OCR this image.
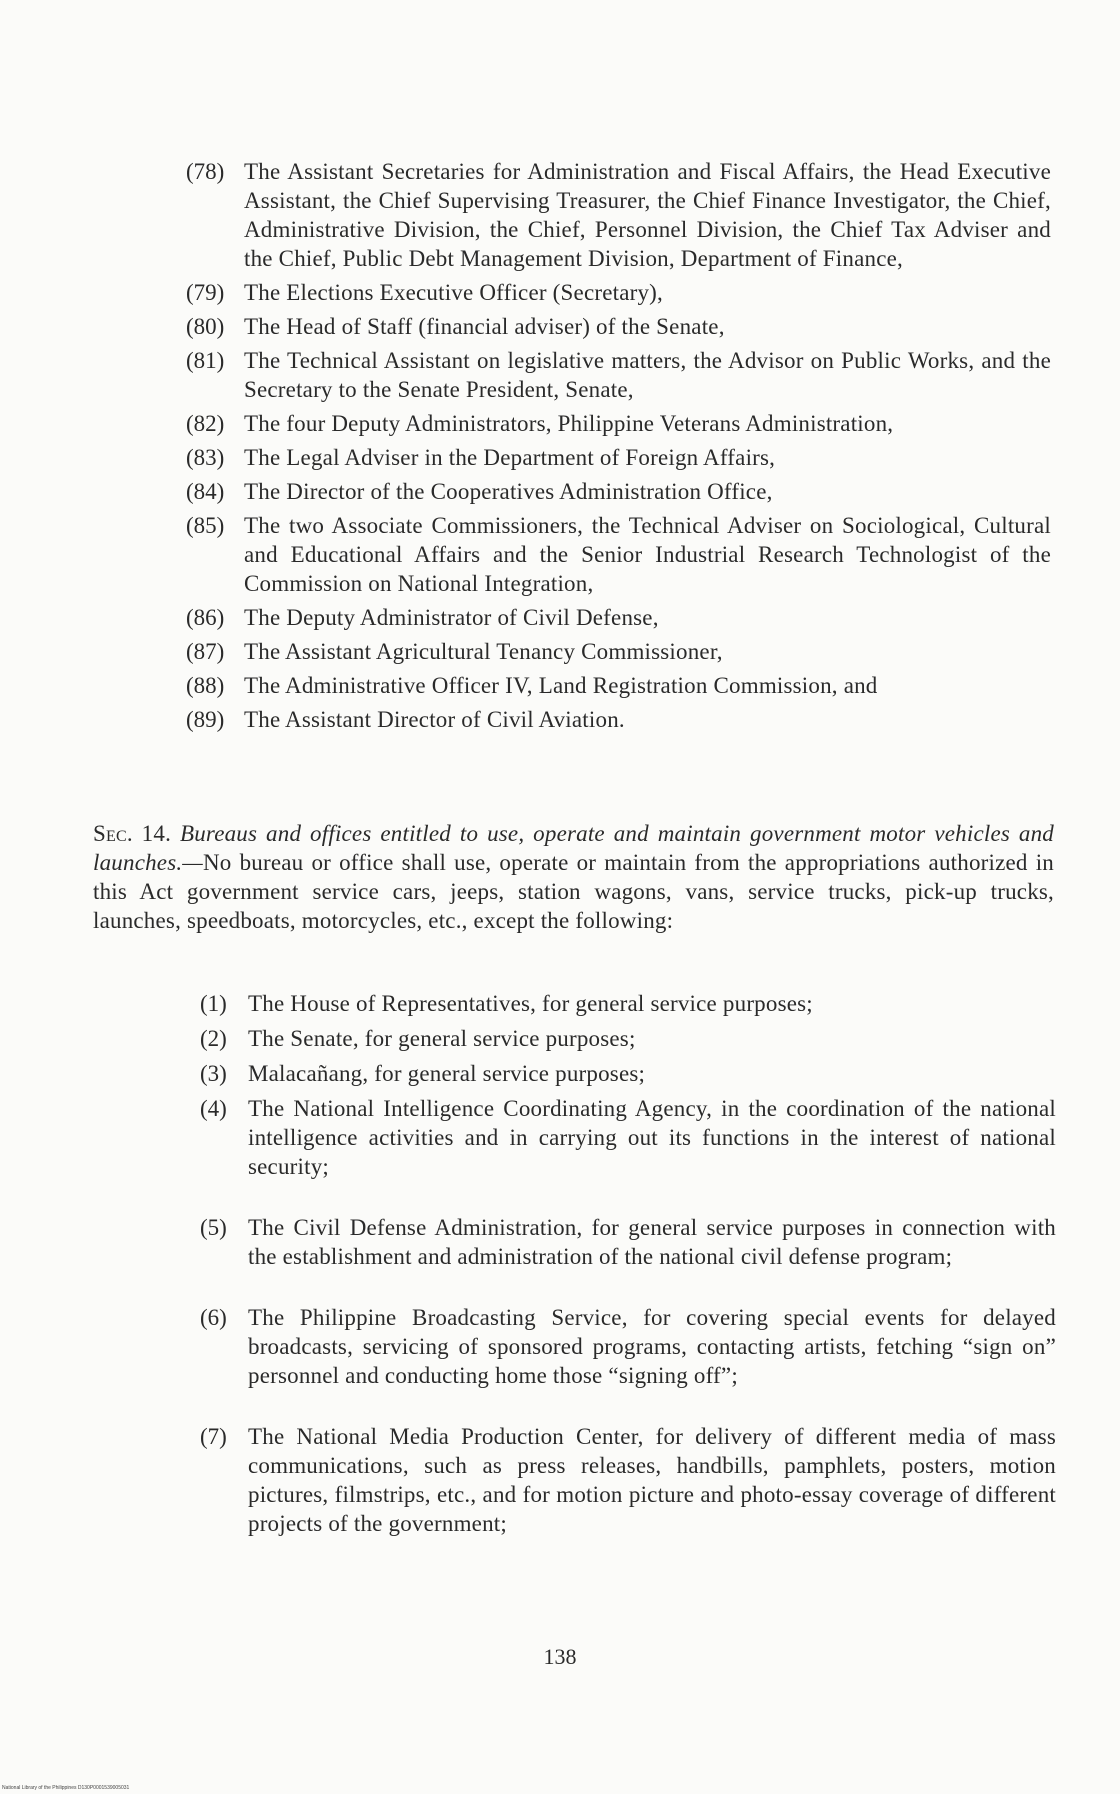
(78) The Assistant Secretaries for Administration and Fiscal Affairs, the Head Executive Assistant, the Chief Supervising Treasurer, the Chief Finance Investigator, the Chief, Administrative Division, the Chief, Personnel Division, the Chief Tax Adviser and the Chief, Public Debt Management Division, Department of Finance,
(79) The Elections Executive Officer (Secretary),
(80) The Head of Staff (financial adviser) of the Senate,
(81) The Technical Assistant on legislative matters, the Advisor on Public Works, and the Secretary to the Senate President, Senate,
(82) The four Deputy Administrators, Philippine Veterans Administration,
(83) The Legal Adviser in the Department of Foreign Affairs,
(84) The Director of the Cooperatives Administration Office,
(85) The two Associate Commissioners, the Technical Adviser on Sociological, Cultural and Educational Affairs and the Senior Industrial Research Technologist of the Commission on National Integration,
(86) The Deputy Administrator of Civil Defense,
(87) The Assistant Agricultural Tenancy Commissioner,
(88) The Administrative Officer IV, Land Registration Commission, and
(89) The Assistant Director of Civil Aviation.
Sec. 14. Bureaus and offices entitled to use, operate and maintain government motor vehicles and launches.—No bureau or office shall use, operate or maintain from the appropriations authorized in this Act government service cars, jeeps, station wagons, vans, service trucks, pick-up trucks, launches, speedboats, motorcycles, etc., except the following:
(1) The House of Representatives, for general service purposes;
(2) The Senate, for general service purposes;
(3) Malacañang, for general service purposes;
(4) The National Intelligence Coordinating Agency, in the coordination of the national intelligence activities and in carrying out its functions in the interest of national security;
(5) The Civil Defense Administration, for general service purposes in connection with the establishment and administration of the national civil defense program;
(6) The Philippine Broadcasting Service, for covering special events for delayed broadcasts, servicing of sponsored programs, contacting artists, fetching “sign on” personnel and conducting home those “signing off”;
(7) The National Media Production Center, for delivery of different media of mass communications, such as press releases, handbills, pamphlets, posters, motion pictures, filmstrips, etc., and for motion picture and photo-essay coverage of different projects of the government;
138
National Library of the Philippines D130P0001539005031
